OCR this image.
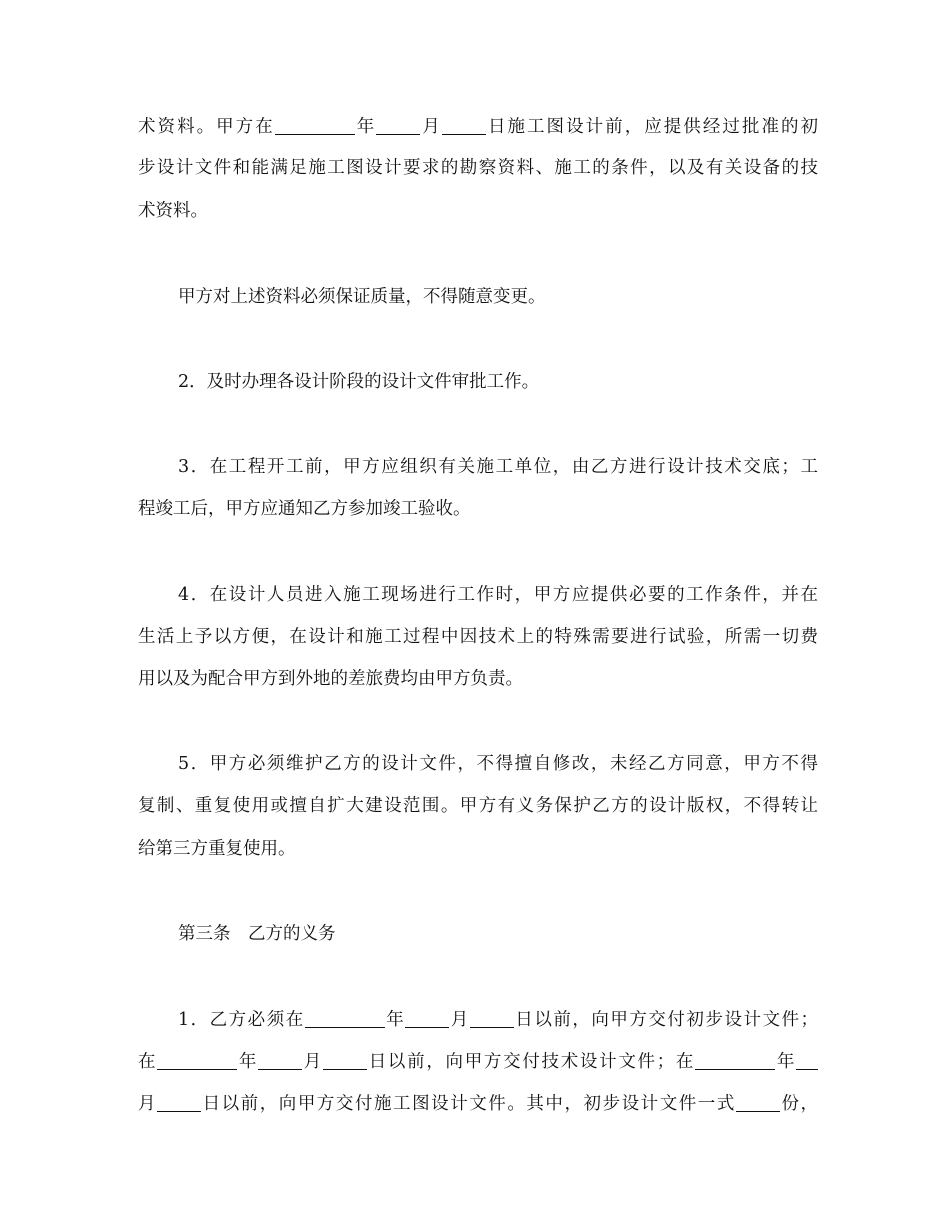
术资料。甲方在	年	月	日施工图设计前，应提供经过批准的初
步设计文件和能满足施工图设计要求的勘察资料、施工的条件，以及有关设备的技
术资料。
甲方对上述资料必须保证质量，不得随意变更。
2．及时办理各设计阶段的设计文件审批工作。
3．在工程开工前，甲方应组织有关施工单位，由乙方进行设计技术交底；工
程竣工后，甲方应通知乙方参加竣工验收。
4．在设计人员进入施工现场进行工作时，甲方应提供必要的工作条件，并在
生活上予以方便，在设计和施工过程中因技术上的特殊需要进行试验，所需一切费
用以及为配合甲方到外地的差旅费均由甲方负责。
5．甲方必须维护乙方的设计文件，不得擅自修改，未经乙方同意，甲方不得
复制、重复使用或擅自扩大建设范围。甲方有义务保护乙方的设计版权，不得转让
给第三方重复使用。
第三条　乙方的义务
1．乙方必须在	年	月	日以前，向甲方交付初步设计文件；
在	年	月	日以前，向甲方交付技术设计文件；在	年
月	日以前，向甲方交付施工图设计文件。其中，初步设计文件一式	份，
